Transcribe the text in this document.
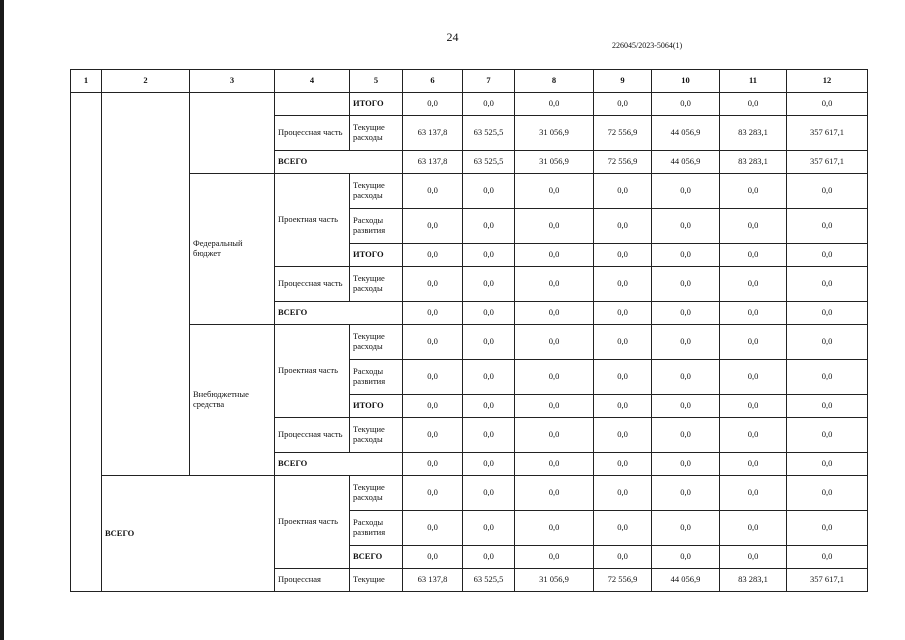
24
226045/2023-5064(1)
1	2	3	4	5	6	7	8	9	10	11	12
				ИТОГО	0,0	0,0	0,0	0,0	0,0	0,0	0,0
			Процессная часть	Текущие расходы	63 137,8	63 525,5	31 056,9	72 556,9	44 056,9	83 283,1	357 617,1
			ВСЕГО		63 137,8	63 525,5	31 056,9	72 556,9	44 056,9	83 283,1	357 617,1
		Федеральный бюджет	Проектная часть	Текущие расходы	0,0	0,0	0,0	0,0	0,0	0,0	0,0
				Расходы развития	0,0	0,0	0,0	0,0	0,0	0,0	0,0
				ИТОГО	0,0	0,0	0,0	0,0	0,0	0,0	0,0
			Процессная часть	Текущие расходы	0,0	0,0	0,0	0,0	0,0	0,0	0,0
			ВСЕГО		0,0	0,0	0,0	0,0	0,0	0,0	0,0
		Внебюджетные средства	Проектная часть	Текущие расходы	0,0	0,0	0,0	0,0	0,0	0,0	0,0
				Расходы развития	0,0	0,0	0,0	0,0	0,0	0,0	0,0
				ИТОГО	0,0	0,0	0,0	0,0	0,0	0,0	0,0
			Процессная часть	Текущие расходы	0,0	0,0	0,0	0,0	0,0	0,0	0,0
			ВСЕГО		0,0	0,0	0,0	0,0	0,0	0,0	0,0
	ВСЕГО		Проектная часть	Текущие расходы	0,0	0,0	0,0	0,0	0,0	0,0	0,0
				Расходы развития	0,0	0,0	0,0	0,0	0,0	0,0	0,0
				ВСЕГО	0,0	0,0	0,0	0,0	0,0	0,0	0,0
			Процессная	Текущие	63 137,8	63 525,5	31 056,9	72 556,9	44 056,9	83 283,1	357 617,1
